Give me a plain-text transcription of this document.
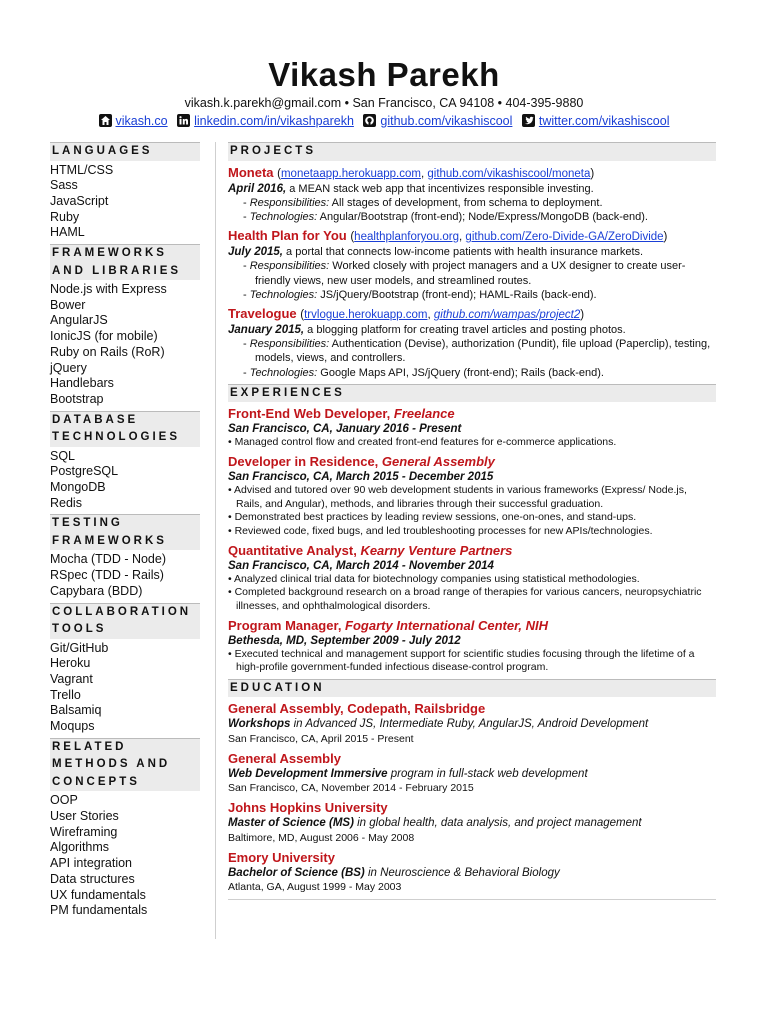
Vikash Parekh
vikash.k.parekh@gmail.com • San Francisco, CA 94108 • 404-395-9880
vikash.co linkedin.com/in/vikashparekh github.com/vikashiscool twitter.com/vikashiscool
LANGUAGES
HTML/CSS
Sass
JavaScript
Ruby
HAML
FRAMEWORKS AND LIBRARIES
Node.js with Express
Bower
AngularJS
IonicJS (for mobile)
Ruby on Rails (RoR)
jQuery
Handlebars
Bootstrap
DATABASE TECHNOLOGIES
SQL
PostgreSQL
MongoDB
Redis
TESTING FRAMEWORKS
Mocha (TDD - Node)
RSpec (TDD - Rails)
Capybara (BDD)
COLLABORATION TOOLS
Git/GitHub
Heroku
Vagrant
Trello
Balsamiq
Moqups
RELATED METHODS AND CONCEPTS
OOP
User Stories
Wireframing
Algorithms
API integration
Data structures
UX fundamentals
PM fundamentals
PROJECTS
Moneta (monetaapp.herokuapp.com, github.com/vikashiscool/moneta)
April 2016, a MEAN stack web app that incentivizes responsible investing.
- Responsibilities: All stages of development, from schema to deployment.
- Technologies: Angular/Bootstrap (front-end); Node/Express/MongoDB (back-end).
Health Plan for You (healthplanforyou.org, github.com/Zero-Divide-GA/ZeroDivide)
July 2015, a portal that connects low-income patients with health insurance markets.
- Responsibilities: Worked closely with project managers and a UX designer to create user-friendly views, new user models, and streamlined routes.
- Technologies: JS/jQuery/Bootstrap (front-end); HAML-Rails (back-end).
Travelogue (trvlogue.herokuapp.com, github.com/wampas/project2)
January 2015, a blogging platform for creating travel articles and posting photos.
- Responsibilities: Authentication (Devise), authorization (Pundit), file upload (Paperclip), testing, models, views, and controllers.
- Technologies: Google Maps API, JS/jQuery (front-end); Rails (back-end).
EXPERIENCES
Front-End Web Developer, Freelance
San Francisco, CA, January 2016 - Present
• Managed control flow and created front-end features for e-commerce applications.
Developer in Residence, General Assembly
San Francisco, CA, March 2015 - December 2015
• Advised and tutored over 90 web development students in various frameworks (Express/ Node.js, Rails, and Angular), methods, and libraries through their successful graduation.
• Demonstrated best practices by leading review sessions, one-on-ones, and stand-ups.
• Reviewed code, fixed bugs, and led troubleshooting processes for new APIs/technologies.
Quantitative Analyst, Kearny Venture Partners
San Francisco, CA, March 2014 - November 2014
• Analyzed clinical trial data for biotechnology companies using statistical methodologies.
• Completed background research on a broad range of therapies for various cancers, neuropsychiatric illnesses, and ophthalmological disorders.
Program Manager, Fogarty International Center, NIH
Bethesda, MD, September 2009 - July 2012
• Executed technical and management support for scientific studies focusing through the lifetime of a high-profile government-funded infectious disease-control program.
EDUCATION
General Assembly, Codepath, Railsbridge
Workshops in Advanced JS, Intermediate Ruby, AngularJS, Android Development
San Francisco, CA, April 2015 - Present
General Assembly
Web Development Immersive program in full-stack web development
San Francisco, CA, November 2014 - February 2015
Johns Hopkins University
Master of Science (MS) in global health, data analysis, and project management
Baltimore, MD, August 2006 - May 2008
Emory University
Bachelor of Science (BS) in Neuroscience & Behavioral Biology
Atlanta, GA, August 1999 - May 2003
